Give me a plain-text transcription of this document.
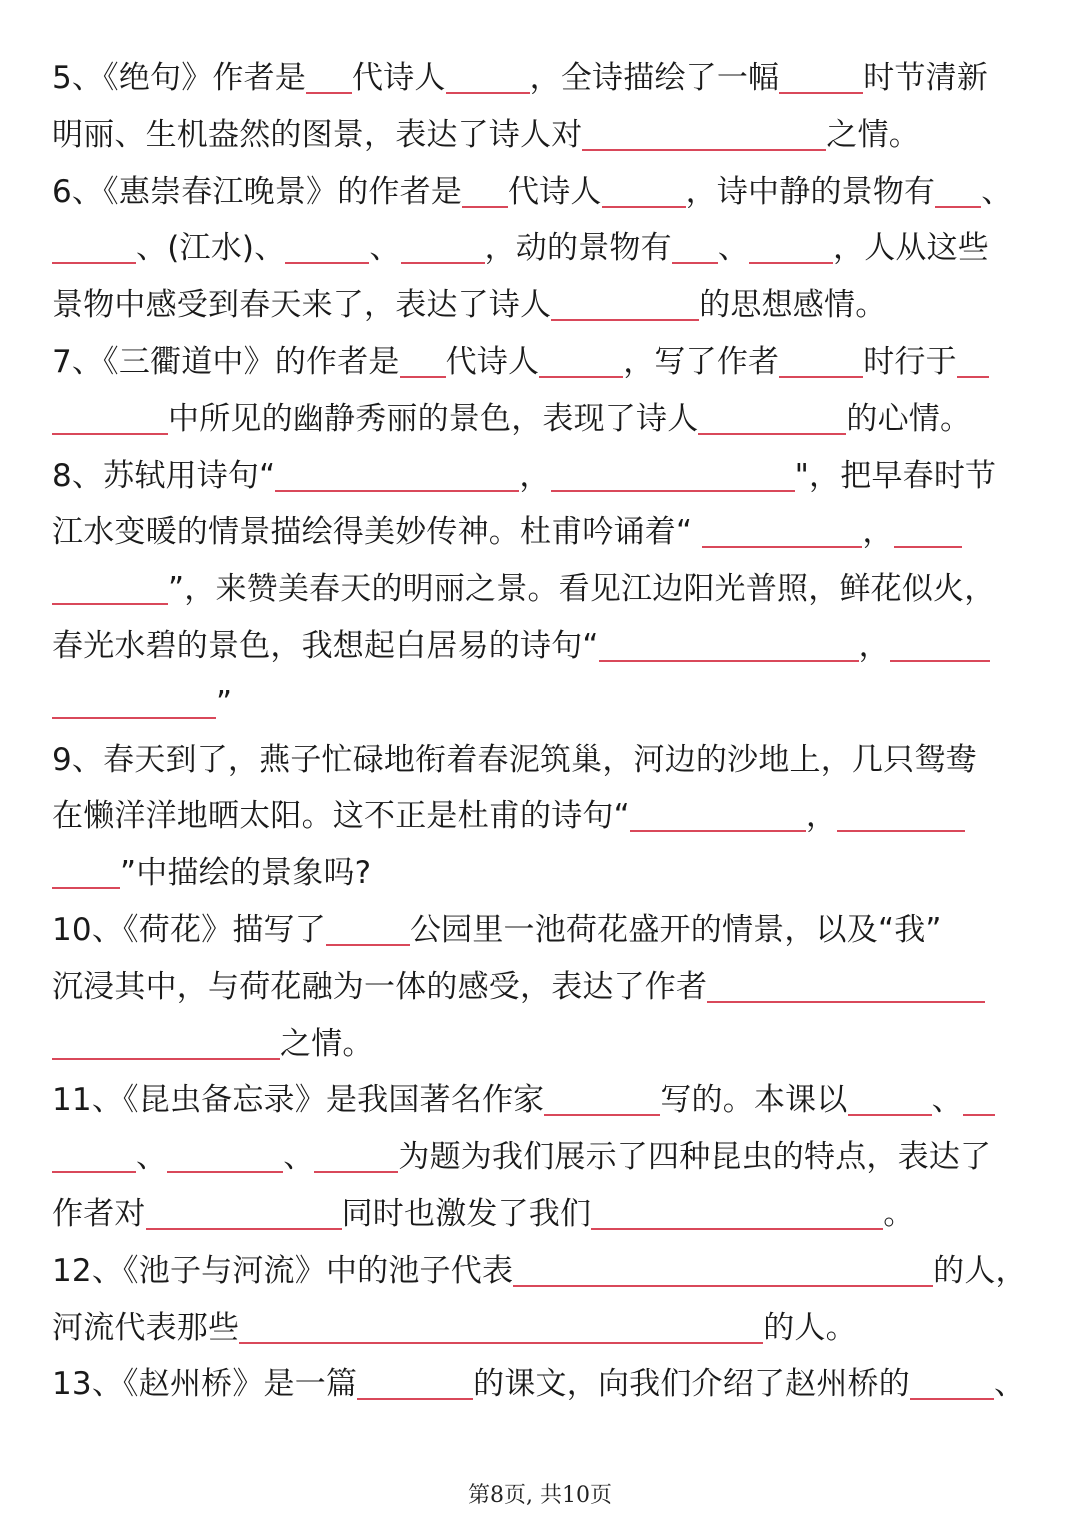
5、《绝句》作者是 代诗人	，全诗描绘了一幅	时节清新
明丽、生机盎然的图景，表达了诗人对	之情。
6、《惠崇春江晚景》的作者是 代诗人	，诗中静的景物有 、
、(江水)、	、	，动的景物有 、	，人从这些
景物中感受到春天来了，表达了诗人	的思想感情。
7、《三衢道中》的作者是 代诗人	，写了作者	时行于
中所见的幽静秀丽的景色，表现了诗人	的心情。
8、苏轼用诗句“	，	"，把早春时节
江水变暖的情景描绘得美妙传神。杜甫吟诵着“	，
”，来赞美春天的明丽之景。看见江边阳光普照，鲜花似火，
春光水碧的景色，我想起白居易的诗句“	，
”
9、春天到了，燕子忙碌地衔着春泥筑巢，河边的沙地上，几只鸳鸯
在懒洋洋地晒太阳。这不正是杜甫的诗句“	，
”中描绘的景象吗?
10、《荷花》描写了	公园里一池荷花盛开的情景，以及“我”
沉浸其中，与荷花融为一体的感受，表达了作者
之情。
11、《昆虫备忘录》是我国著名作家	写的。本课以	、
、	、	为题为我们展示了四种昆虫的特点，表达了
作者对	同时也激发了我们	。
12、《池子与河流》中的池子代表	的人，
河流代表那些	的人。
13、《赵州桥》是一篇	的课文，向我们介绍了赵州桥的	、
第8页, 共10页
